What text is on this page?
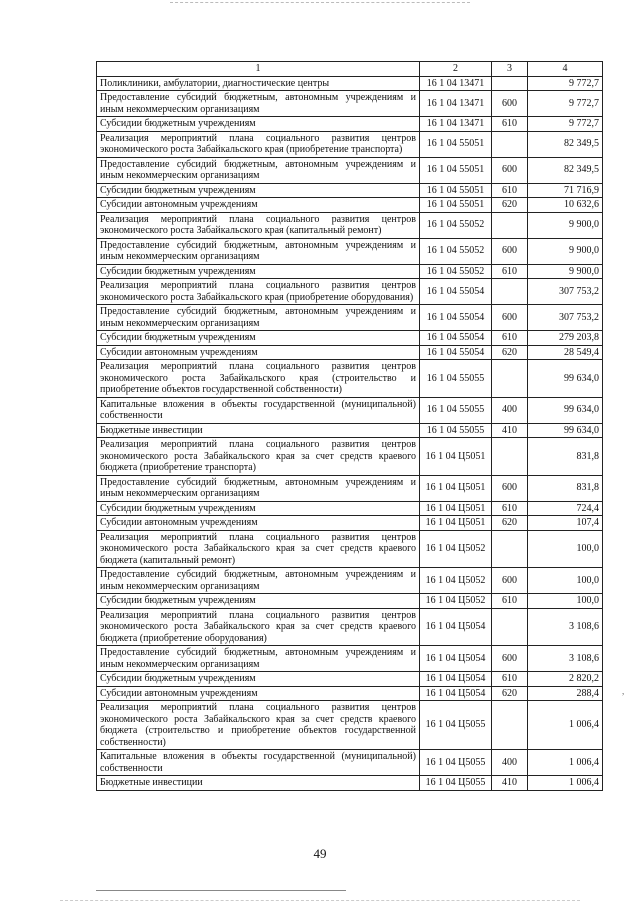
1	2	3	4
Поликлиники, амбулатории, диагностические центры	16 1 04 13471		9 772,7
Предоставление субсидий бюджетным, автономным учреждениям и иным некоммерческим организациям	16 1 04 13471	600	9 772,7
Субсидии бюджетным учреждениям	16 1 04 13471	610	9 772,7
Реализация мероприятий плана социального развития центров экономического роста Забайкальского края (приобретение транспорта)	16 1 04 55051		82 349,5
Предоставление субсидий бюджетным, автономным учреждениям и иным некоммерческим организациям	16 1 04 55051	600	82 349,5
Субсидии бюджетным учреждениям	16 1 04 55051	610	71 716,9
Субсидии автономным учреждениям	16 1 04 55051	620	10 632,6
Реализация мероприятий плана социального развития центров экономического роста Забайкальского края (капитальный ремонт)	16 1 04 55052		9 900,0
Предоставление субсидий бюджетным, автономным учреждениям и иным некоммерческим организациям	16 1 04 55052	600	9 900,0
Субсидии бюджетным учреждениям	16 1 04 55052	610	9 900,0
Реализация мероприятий плана социального развития центров экономического роста Забайкальского края (приобретение оборудования)	16 1 04 55054		307 753,2
Предоставление субсидий бюджетным, автономным учреждениям и иным некоммерческим организациям	16 1 04 55054	600	307 753,2
Субсидии бюджетным учреждениям	16 1 04 55054	610	279 203,8
Субсидии автономным учреждениям	16 1 04 55054	620	28 549,4
Реализация мероприятий плана социального развития центров экономического роста Забайкальского края (строительство и приобретение объектов государственной собственности)	16 1 04 55055		99 634,0
Капитальные вложения в объекты государственной (муниципальной) собственности	16 1 04 55055	400	99 634,0
Бюджетные инвестиции	16 1 04 55055	410	99 634,0
Реализация мероприятий плана социального развития центров экономического роста Забайкальского края за счет средств краевого бюджета (приобретение транспорта)	16 1 04 Ц5051		831,8
Предоставление субсидий бюджетным, автономным учреждениям и иным некоммерческим организациям	16 1 04 Ц5051	600	831,8
Субсидии бюджетным учреждениям	16 1 04 Ц5051	610	724,4
Субсидии автономным учреждениям	16 1 04 Ц5051	620	107,4
Реализация мероприятий плана социального развития центров экономического роста Забайкальского края за счет средств краевого бюджета (капитальный ремонт)	16 1 04 Ц5052		100,0
Предоставление субсидий бюджетным, автономным учреждениям и иным некоммерческим организациям	16 1 04 Ц5052	600	100,0
Субсидии бюджетным учреждениям	16 1 04 Ц5052	610	100,0
Реализация мероприятий плана социального развития центров экономического роста Забайкальского края за счет средств краевого бюджета (приобретение оборудования)	16 1 04 Ц5054		3 108,6
Предоставление субсидий бюджетным, автономным учреждениям и иным некоммерческим организациям	16 1 04 Ц5054	600	3 108,6
Субсидии бюджетным учреждениям	16 1 04 Ц5054	610	2 820,2
Субсидии автономным учреждениям	16 1 04 Ц5054	620	288,4
Реализация мероприятий плана социального развития центров экономического роста Забайкальского края за счет средств краевого бюджета (строительство и приобретение объектов государственной собственности)	16 1 04 Ц5055		1 006,4
Капитальные вложения в объекты государственной (муниципальной) собственности	16 1 04 Ц5055	400	1 006,4
Бюджетные инвестиции	16 1 04 Ц5055	410	1 006,4
49
,
